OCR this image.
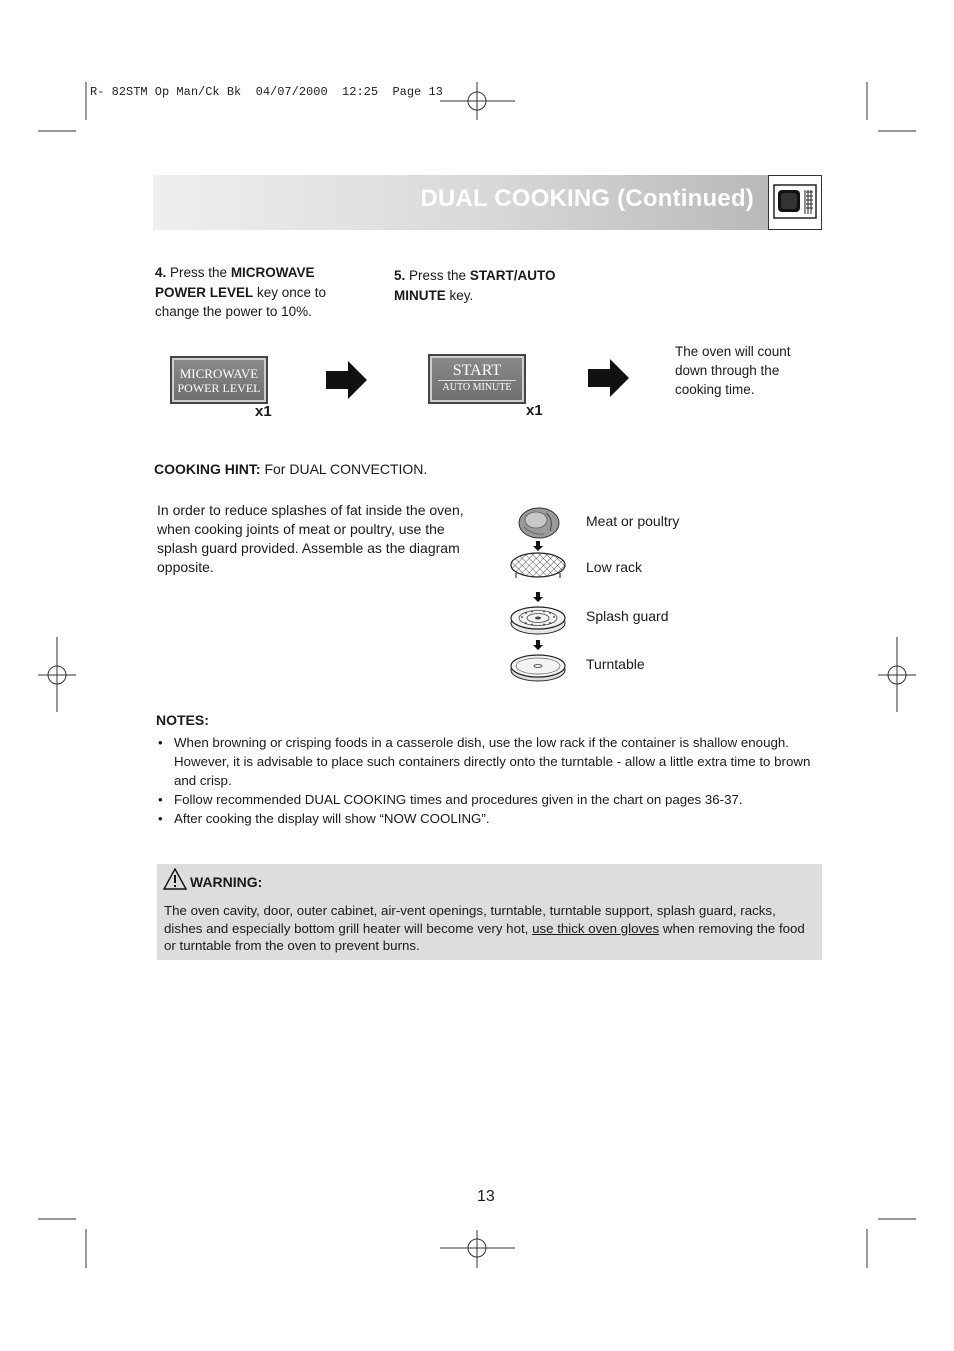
R- 82STM Op Man/Ck Bk  04/07/2000  12:25  Page 13
DUAL COOKING (Continued)
4. Press the MICROWAVE POWER LEVEL key once to change the power to 10%.
5. Press the START/AUTO MINUTE key.
MICROWAVE
POWER LEVEL
x1
START
AUTO MINUTE
x1
The oven will count down through the cooking time.
COOKING HINT: For DUAL CONVECTION.
In order to reduce splashes of fat inside the oven, when cooking joints of meat or poultry, use the splash guard provided. Assemble as the diagram opposite.
Meat or poultry
Low rack
Splash guard
Turntable
NOTES:
• When browning or crisping foods in a casserole dish, use the low rack if the container is shallow enough. However, it is advisable to place such containers directly onto the turntable - allow a little extra time to brown and crisp.
• Follow recommended DUAL COOKING times and procedures given in the chart on pages 36-37.
• After cooking the display will show “NOW COOLING”.
WARNING:
The oven cavity, door, outer cabinet, air-vent openings, turntable, turntable support, splash guard, racks, dishes and especially bottom grill heater will become very hot, use thick oven gloves when removing the food or turntable from the oven to prevent burns.
13
